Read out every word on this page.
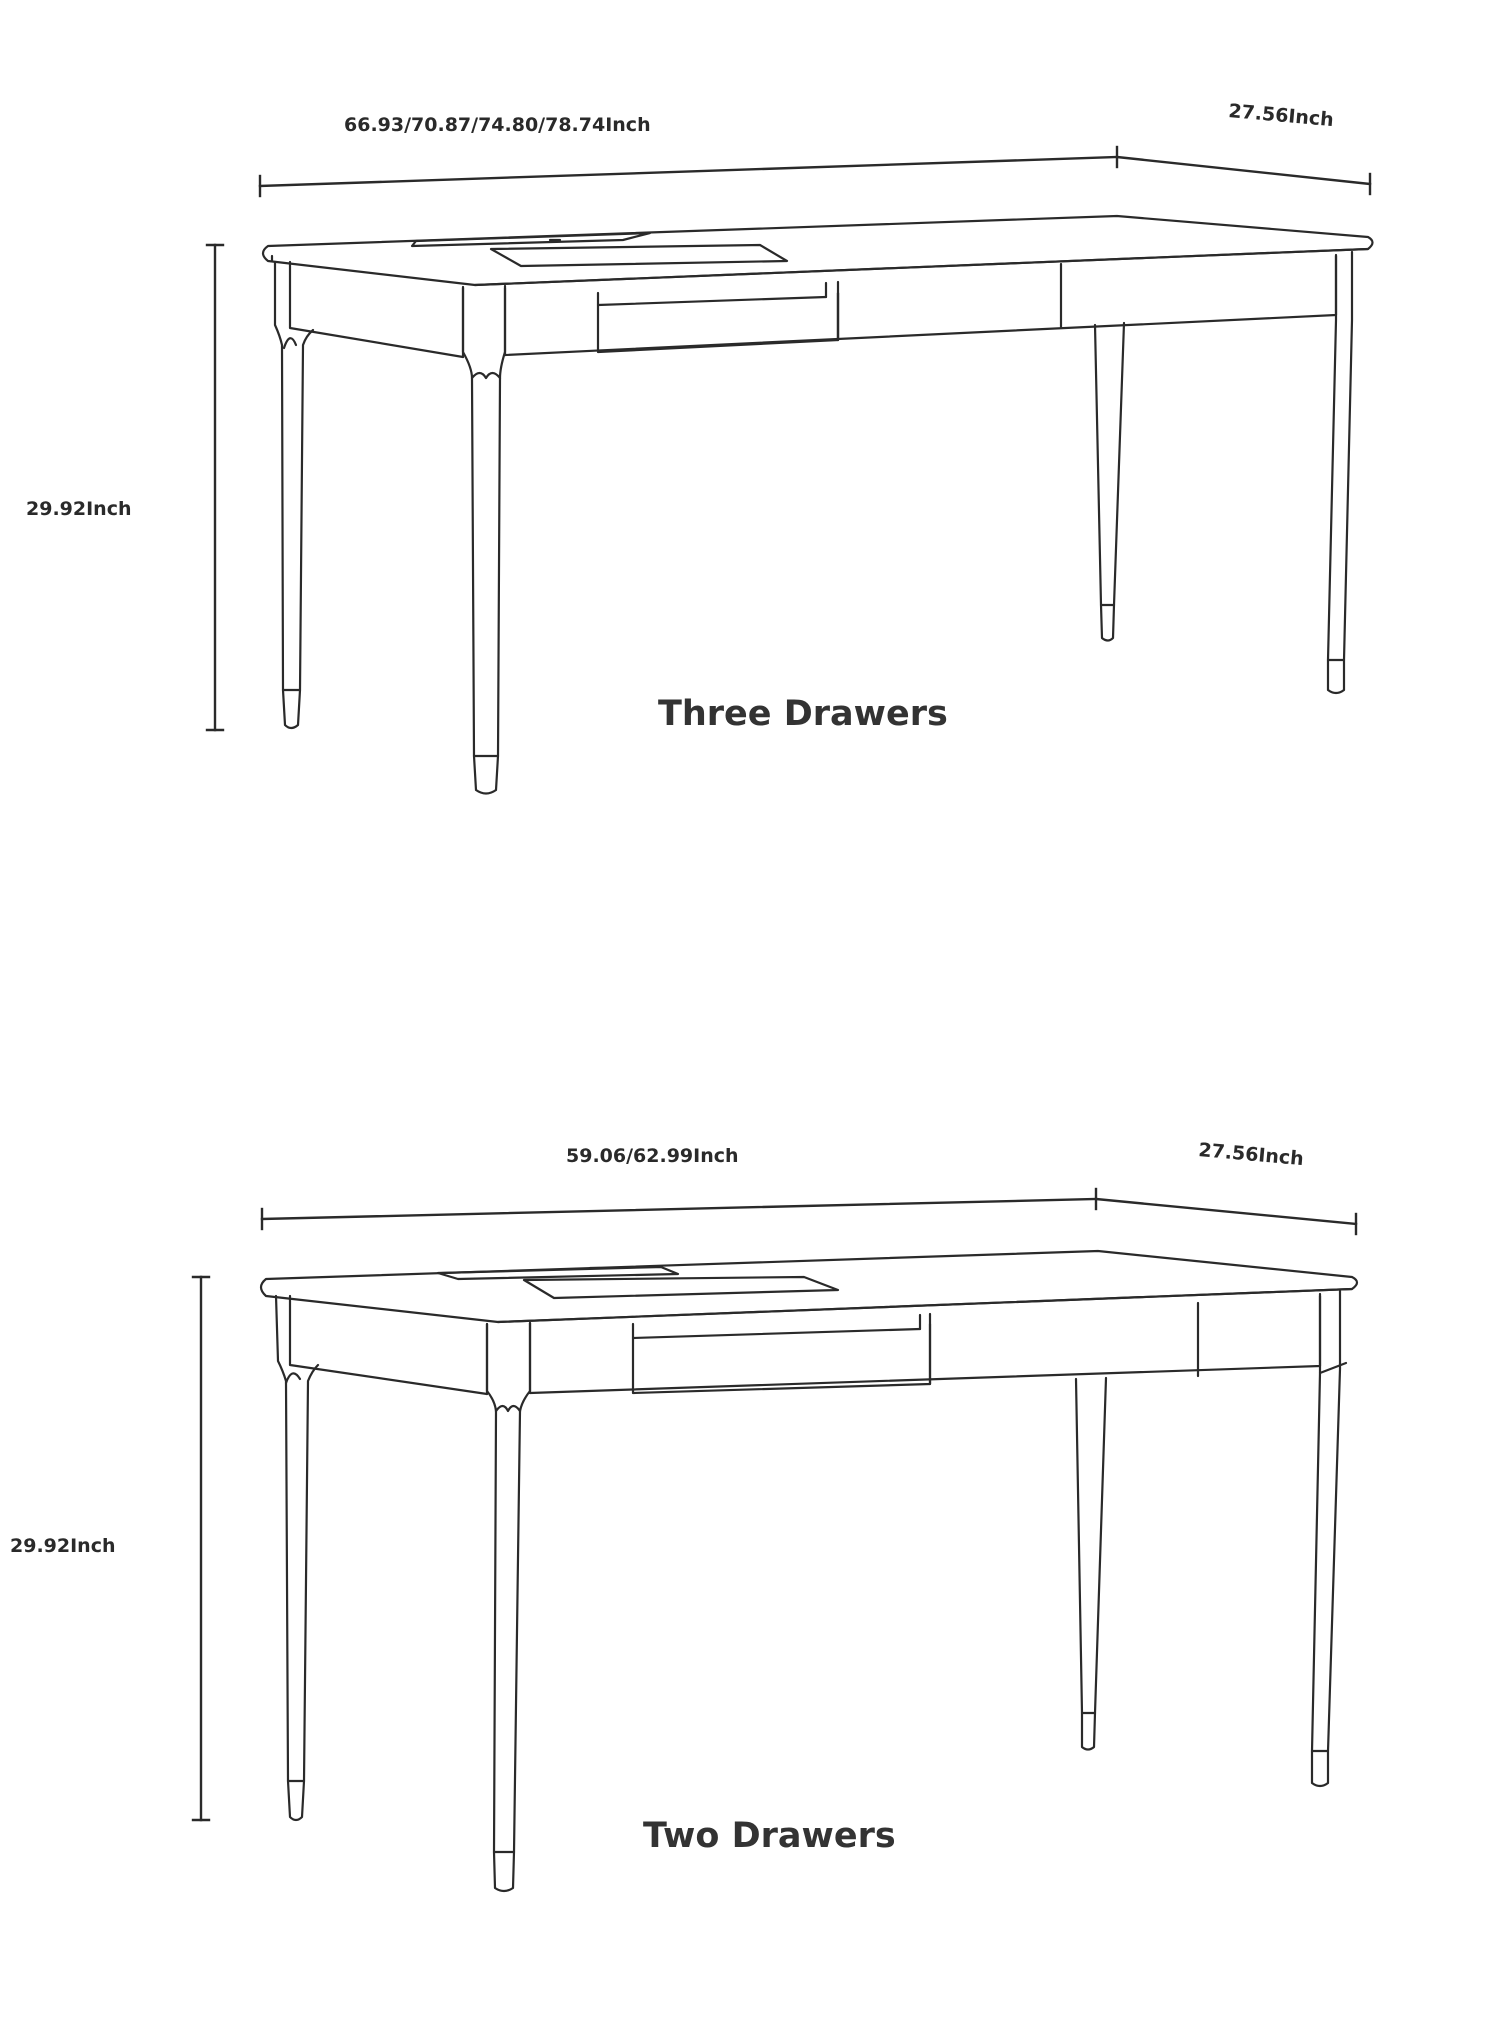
66.93/70.87/74.80/78.74Inch	27.56Inch
29.92Inch
Three Drawers
59.06/62.99Inch	27.56Inch
29.92Inch
Two Drawers
